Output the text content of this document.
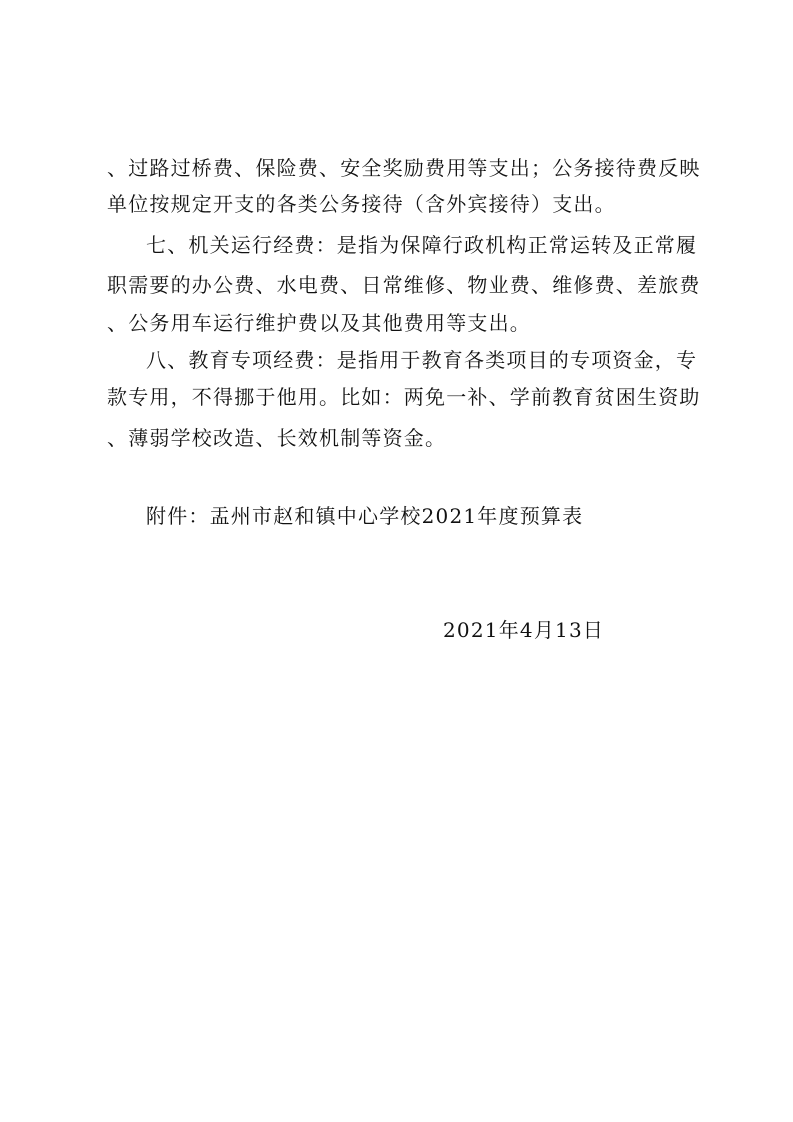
、过路过桥费、保险费、安全奖励费用等支出；公务接待费反映
单位按规定开支的各类公务接待（含外宾接待）支出。
七、机关运行经费：是指为保障行政机构正常运转及正常履
职需要的办公费、水电费、日常维修、物业费、维修费、差旅费
、公务用车运行维护费以及其他费用等支出。
八、教育专项经费：是指用于教育各类项目的专项资金，专
款专用，不得挪于他用。比如：两免一补、学前教育贫困生资助
、薄弱学校改造、长效机制等资金。
附件：盂州市赵和镇中心学校2021年度预算表
2021年4月13日
